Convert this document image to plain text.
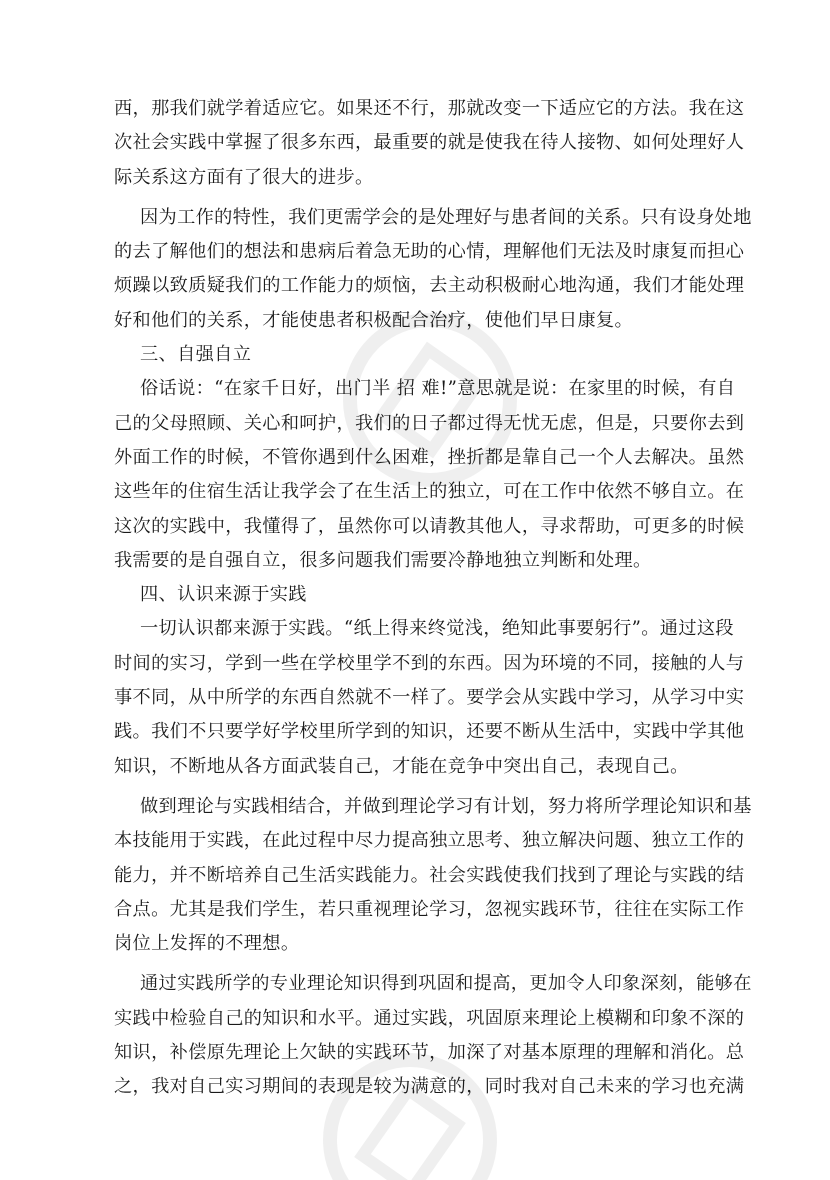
西，那我们就学着适应它。如果还不行，那就改变一下适应它的方法。我在这
次社会实践中掌握了很多东西，最重要的就是使我在待人接物、如何处理好人
际关系这方面有了很大的进步。
因为工作的特性，我们更需学会的是处理好与患者间的关系。只有设身处地
的去了解他们的想法和患病后着急无助的心情，理解他们无法及时康复而担心
烦躁以致质疑我们的工作能力的烦恼，去主动积极耐心地沟通，我们才能处理
好和他们的关系，才能使患者积极配合治疗，使他们早日康复。
三、自强自立
俗话说：“在家千日好，出门半 招 难!”意思就是说：在家里的时候，有自
己的父母照顾、关心和呵护，我们的日子都过得无忧无虑，但是，只要你去到
外面工作的时候，不管你遇到什么困难，挫折都是靠自己一个人去解决。虽然
这些年的住宿生活让我学会了在生活上的独立，可在工作中依然不够自立。在
这次的实践中，我懂得了，虽然你可以请教其他人，寻求帮助，可更多的时候
我需要的是自强自立，很多问题我们需要冷静地独立判断和处理。
四、认识来源于实践
一切认识都来源于实践。“纸上得来终觉浅，绝知此事要躬行”。通过这段
时间的实习，学到一些在学校里学不到的东西。因为环境的不同，接触的人与
事不同，从中所学的东西自然就不一样了。要学会从实践中学习，从学习中实
践。我们不只要学好学校里所学到的知识，还要不断从生活中，实践中学其他
知识，不断地从各方面武装自己，才能在竞争中突出自己，表现自己。
做到理论与实践相结合，并做到理论学习有计划，努力将所学理论知识和基
本技能用于实践，在此过程中尽力提高独立思考、独立解决问题、独立工作的
能力，并不断培养自己生活实践能力。社会实践使我们找到了理论与实践的结
合点。尤其是我们学生，若只重视理论学习，忽视实践环节，往往在实际工作
岗位上发挥的不理想。
通过实践所学的专业理论知识得到巩固和提高，更加令人印象深刻，能够在
实践中检验自己的知识和水平。通过实践，巩固原来理论上模糊和印象不深的
知识，补偿原先理论上欠缺的实践环节，加深了对基本原理的理解和消化。总
之，我对自己实习期间的表现是较为满意的，同时我对自己未来的学习也充满
